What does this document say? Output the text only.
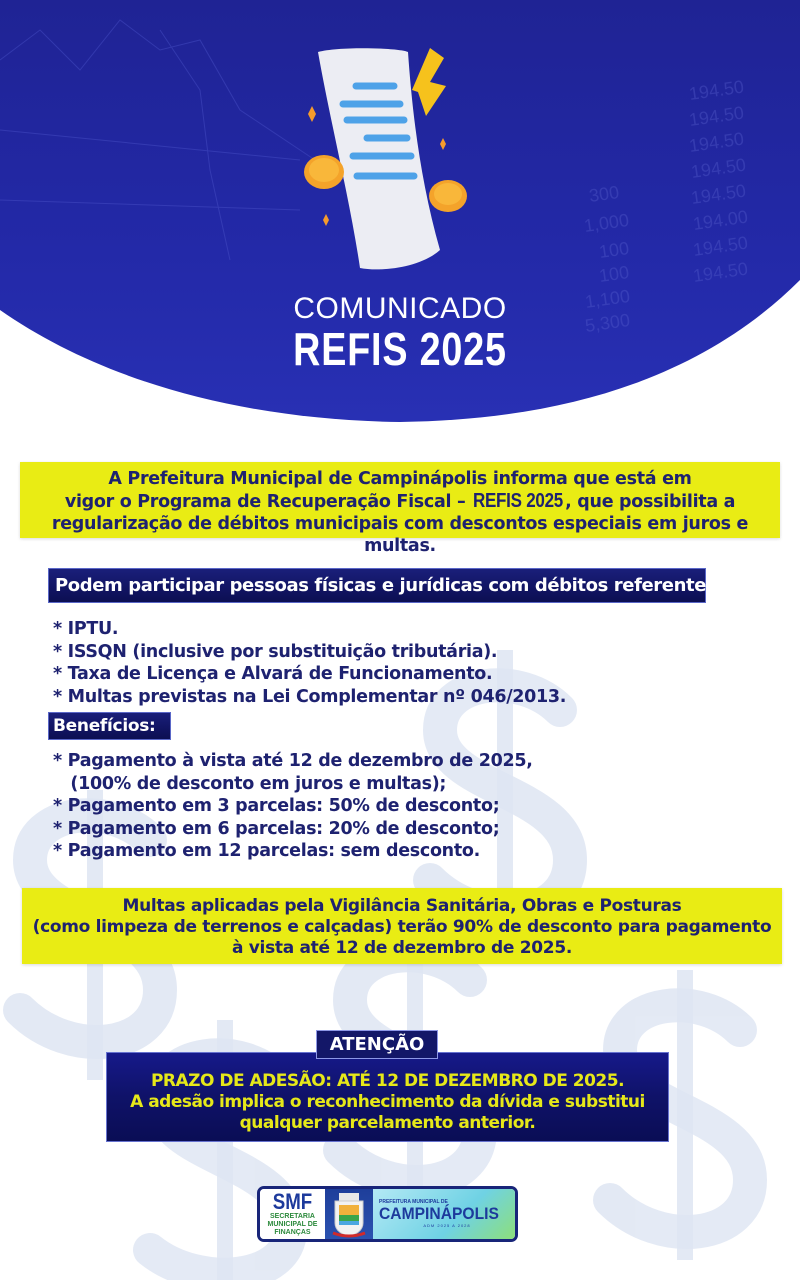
194.50
194.50
194.50
194.50
194.50
194.00
194.50
194.50
300
1,000
100
100
1,100
5,300
COMUNICADO
REFIS 2025
A Prefeitura Municipal de Campinápolis informa que está em
vigor o Programa de Recuperação Fiscal – REFIS 2025 , que possibilita a
regularização de débitos municipais com descontos especiais em juros e multas.
Podem participar pessoas físicas e jurídicas com débitos referentes a:
* IPTU.
* ISSQN (inclusive por substituição tributária).
* Taxa de Licença e Alvará de Funcionamento.
* Multas previstas na Lei Complementar nº 046/2013.
Benefícios:
* Pagamento à vista até 12 de dezembro de 2025,
(100% de desconto em juros e multas);
* Pagamento em 3 parcelas: 50% de desconto;
* Pagamento em 6 parcelas: 20% de desconto;
* Pagamento em 12 parcelas: sem desconto.
Multas aplicadas pela Vigilância Sanitária, Obras e Posturas
(como limpeza de terrenos e calçadas) terão 90% de desconto para pagamento
à vista até 12 de dezembro de 2025.
ATENÇÃO
PRAZO DE ADESÃO: ATÉ 12 DE DEZEMBRO DE 2025.
A adesão implica o reconhecimento da dívida e substitui
qualquer parcelamento anterior.
SMF
SECRETARIA
MUNICIPAL DE
FINANÇAS
PREFEITURA MUNICIPAL DE
CAMPINÁPOLIS
ADM 2025 A 2028
